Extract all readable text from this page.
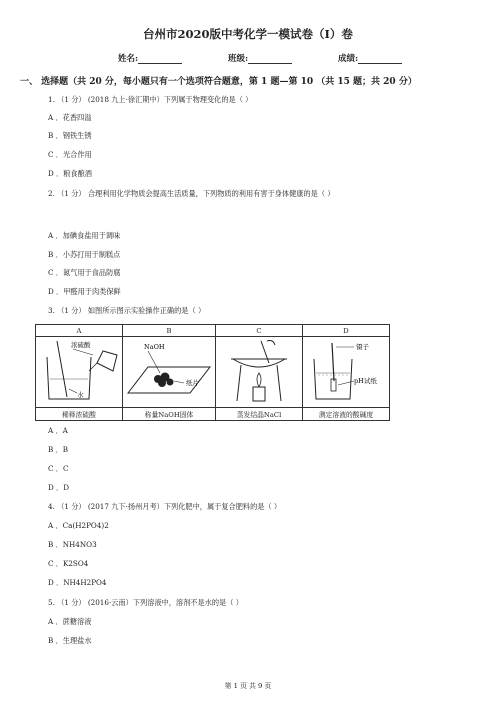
台州市2020版中考化学一模试卷（I）卷
姓名:	班级:	成绩:
一、 选择题（共 20 分，每小题只有一个选项符合题意，第 1 题—第 10 （共 15 题；共 20 分）
1. （1 分） (2018 九上·徐汇期中）下列属于物理变化的是（ ）
A ．花香四溢
B ．钢铁生锈
C ．光合作用
D ．粮食酿酒
2. （1 分） 合理利用化学物质会提高生活质量，下列物质的利用有害于身体健康的是（ ）
A ．加碘食盐用于调味
B ．小苏打用于制糕点
C ．氮气用于食品防腐
D ．甲醛用于肉类保鲜
3. （1 分） 如图所示图示实验操作正确的是（ ）
A	B	C	D

浓硫酸
水	NaOH
纸片		镊子
pH试纸

稀释浓硫酸	称量NaOH固体	蒸发结晶NaCl	测定溶液的酸碱度
A ．A
B ．B
C ．C
D ．D
4. （1 分） (2017 九下·扬州月考）下列化肥中，属于复合肥料的是（ ）
A ．Ca(H2PO4)2
B ．NH4NO3
C ．K2SO4
D ．NH4H2PO4
5. （1 分） (2016·云南）下列溶液中，溶剂不是水的是（ ）
A ．蔗糖溶液
B ．生理盐水
第 1 页 共 9 页
